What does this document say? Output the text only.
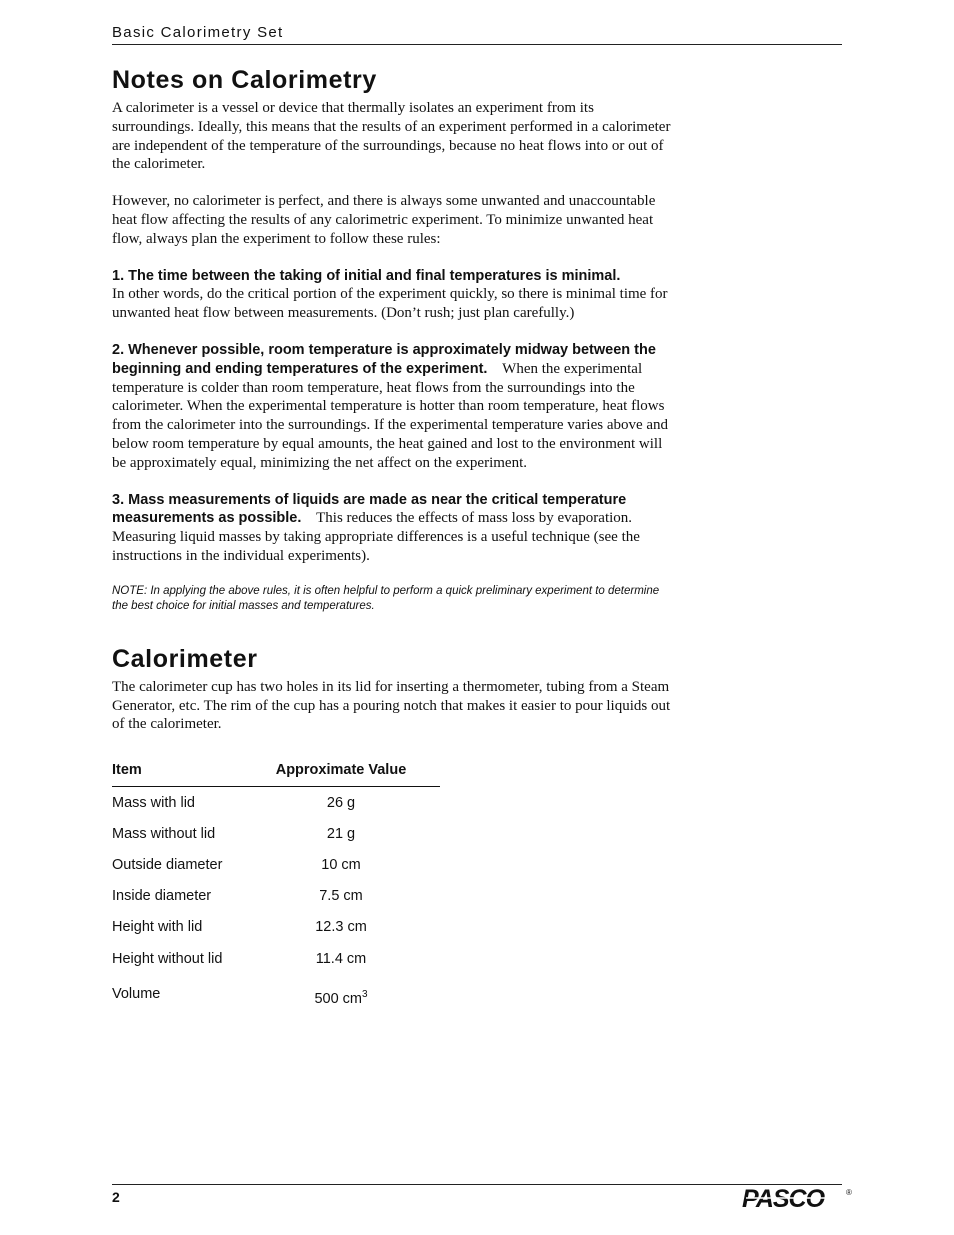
Basic Calorimetry Set
Notes on Calorimetry

A calorimeter is a vessel or device that thermally isolates an experiment from its surroundings. Ideally, this means that the results of an experiment performed in a calorimeter are independent of the temperature of the surroundings, because no heat flows into or out of the calorimeter.

However, no calorimeter is perfect, and there is always some unwanted and unaccountable heat flow affecting the results of any calorimetric experiment. To minimize unwanted heat flow, always plan the experiment to follow these rules:

1. The time between the taking of initial and final temperatures is minimal.
In other words, do the critical portion of the experiment quickly, so there is minimal time for unwanted heat flow between measurements. (Don’t rush; just plan carefully.)

2. Whenever possible, room temperature is approximately midway between the beginning and ending temperatures of the experiment. When the experimental temperature is colder than room temperature, heat flows from the surroundings into the calorimeter. When the experimental temperature is hotter than room temperature, heat flows from the calorimeter into the surroundings. If the experimental temperature varies above and below room temperature by equal amounts, the heat gained and lost to the environment will be approximately equal, minimizing the net affect on the experiment.

3. Mass measurements of liquids are made as near the critical temperature measurements as possible. This reduces the effects of mass loss by evaporation. Measuring liquid masses by taking appropriate differences is a useful technique (see the instructions in the individual experiments).

NOTE: In applying the above rules, it is often helpful to perform a quick preliminary experiment to determine the best choice for initial masses and temperatures.

Calorimeter

The calorimeter cup has two holes in its lid for inserting a thermometer, tubing from a Steam Generator, etc. The rim of the cup has a pouring notch that makes it easier to pour liquids out of the calorimeter.

Item	Approximate Value
Mass with lid	26 g
Mass without lid	21 g
Outside diameter	10 cm
Inside diameter	7.5 cm
Height with lid	12.3 cm
Height without lid	11.4 cm
Volume	500 $cm^3$
2	PASCO	®
